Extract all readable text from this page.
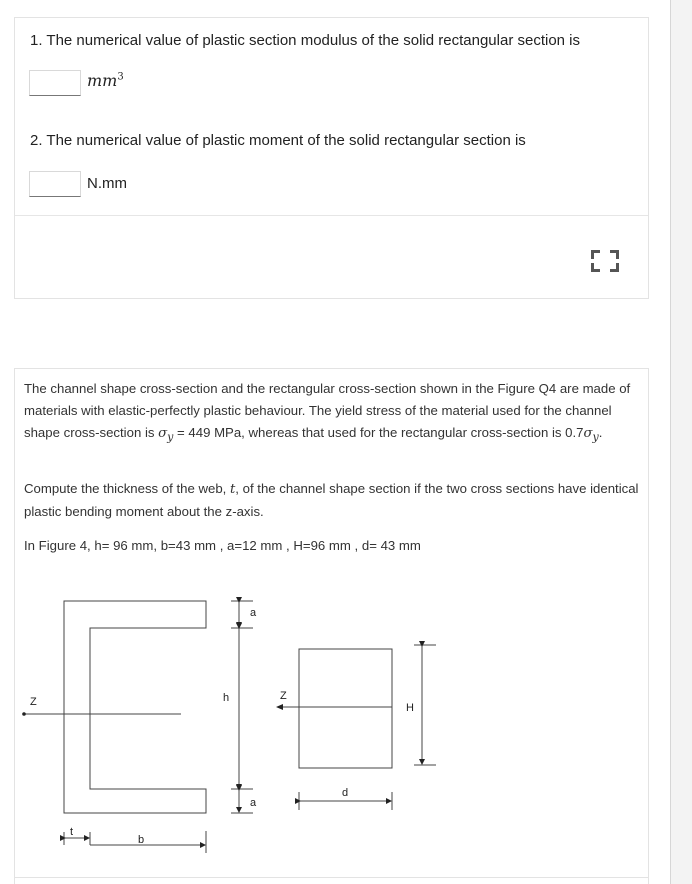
1. The numerical value of plastic section modulus of the solid rectangular section is

$mm^3$

2. The numerical value of plastic moment of the solid rectangular section is

N.mm

The channel shape cross-section and the rectangular cross-section shown in the Figure Q4 are made of materials with elastic-perfectly plastic behaviour. The yield stress of the material used for the channel shape cross-section is $\sigma_y = 449$ MPa, whereas that used for the rectangular cross-section is $0.7\sigma_y$.

Compute the thickness of the web, t, of the channel shape section if the two cross sections have identical plastic bending moment about the z-axis.

In Figure 4, h= 96 mm, b=43 mm , a=12 mm , H=96 mm , d= 43 mm

a
a
h
Z	Z
t
b
d
H
